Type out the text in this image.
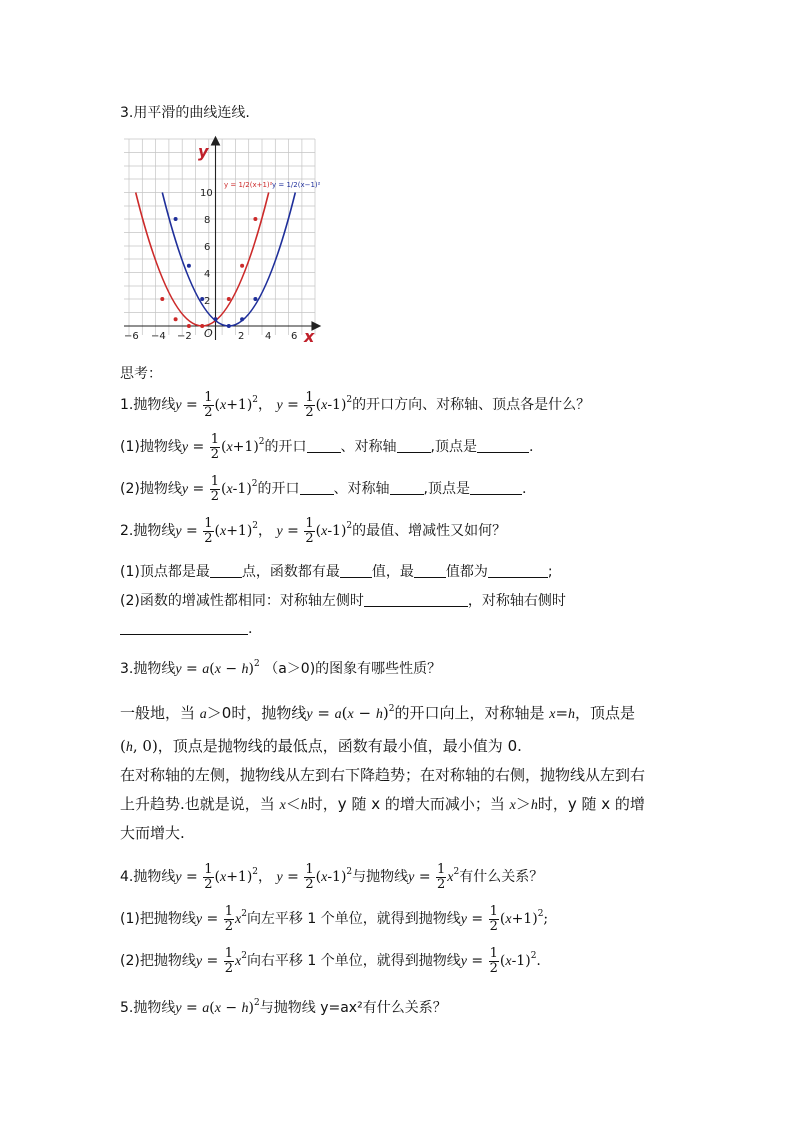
3.用平滑的曲线连线.
y
x
O
−6 −4 −2	2 4 6
2
4
6
8
10
y = 1/2(x+1)² y = 1/2(x−1)²
思考：
1.抛物线$y = \frac{1}{2} (x+1)^2$， $y = \frac{1}{2} (x-1)^2$的开口方向、对称轴、顶点各是什么？
(1)抛物线$y = \frac{1}{2} (x+1)^2$的开口 、对称轴 ,顶点是	.
(2)抛物线$y = \frac{1}{2} (x-1)^2$的开口 、对称轴 ,顶点是	.
2.抛物线$y = \frac{1}{2} (x+1)^2$， $y = \frac{1}{2} (x-1)^2$的最值、增减性又如何？
(1)顶点都是最 点，函数都有最 值，最 值都为	;
(2)函数的增减性都相同：对称轴左侧时	，对称轴右侧时
.
3.抛物线$y = a(x - h)^2$ （a＞0)的图象有哪些性质？
一般地，当 a＞0时，抛物线$y = a(x - h)^2$的开口向上，对称轴是 x=h，顶点是
(h, 0)，顶点是抛物线的最低点，函数有最小值，最小值为 0.
在对称轴的左侧，抛物线从左到右下降趋势；在对称轴的右侧，抛物线从左到右
上升趋势.也就是说，当 x＜h时，y 随 x 的增大而减小；当 x＞h时，y 随 x 的增
大而增大.
4.抛物线$y = \frac{1}{2} (x+1)^2$， $y = \frac{1}{2} (x-1)^2$与抛物线$y = \frac{1}{2} x^2$有什么关系？
(1)把抛物线$y = \frac{1}{2} x^2$向左平移 1 个单位，就得到抛物线$y = \frac{1}{2} (x+1)^2$;
(2)把抛物线$y = \frac{1}{2} x^2$向右平移 1 个单位，就得到抛物线$y = \frac{1}{2} (x-1)^2$.
5.抛物线$y = a(x - h)^2$与抛物线 y=ax²有什么关系？
